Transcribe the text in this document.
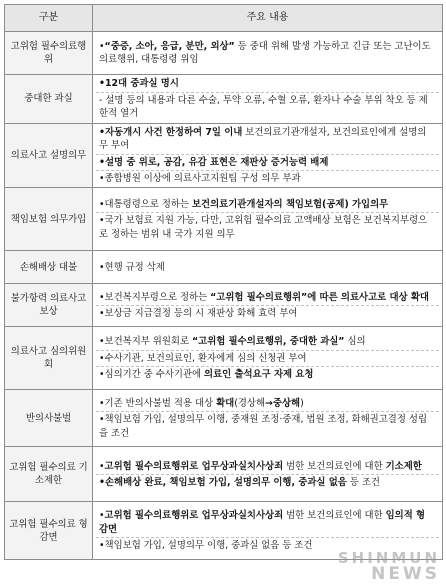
구분	주요 내용
고위험 필수의료행위	•“중증, 소아, 응급, 분만, 외상” 등 중대 위해 발생 가능하고 긴급 또는 고난이도 의료행위, 대통령령 위임

중대한 과실	•12대 중과실 명시
- 설명 등의 내용과 다른 수술, 투약 오류, 수혈 오류, 환자나 수술 부위 착오 등 제한적 열거

의료사고 설명의무	•자동개시 사건 한정하여 7일 이내 보건의료기관개설자, 보건의료인에게 설명의무 부여
•설명 중 위로, 공감, 유감 표현은 재판상 증거능력 배제
•종합병원 이상에 의료사고지원팀 구성 의무 부과

책임보험 의무가입	•대통령령으로 정하는 보건의료기관개설자의 책임보험(공제) 가입의무
•국가 보험료 지원 가능, 다만, 고위험 필수의료 고액배상 보험은 보건복지부령으로 정하는 범위 내 국가 지원 의무

손해배상 대불	•현행 규정 삭제

불가항력 의료사고 보상	•보건복지부령으로 정하는 “고위험 필수의료행위”에 따른 의료사고로 대상 확대
•보상금 지급결정 등의 시 재판상 화해 효력 부여

의료사고 심의위원회	•보건복지부 위원회로 “고위험 필수의료행위, 중대한 과실” 심의
•수사기관, 보건의료인, 환자에게 심의 신청권 부여
•심의기간 중 수사기관에 의료인 출석요구 자제 요청

반의사불벌	•기존 반의사불벌 적용 대상 확대(경상해→중상해)
•책임보험 가입, 설명의무 이행, 중재원 조정·중재, 법원 조정, 화해권고결정 성립을 조건

고위험 필수의료 기소제한	•고위험 필수의료행위로 업무상과실치사상죄 범한 보건의료인에 대한 기소제한
•손해배상 완료, 책임보험 가입, 설명의무 이행, 중과실 없음 등 조건

고위험 필수의료 형 감면	•고위험 필수의료행위로 업무상과실치사상죄 범한 보건의료인에 대한 임의적 형 감면
•책임보험 가입, 설명의무 이행, 중과실 없음 등 조건
SHINMUN
NEWS
